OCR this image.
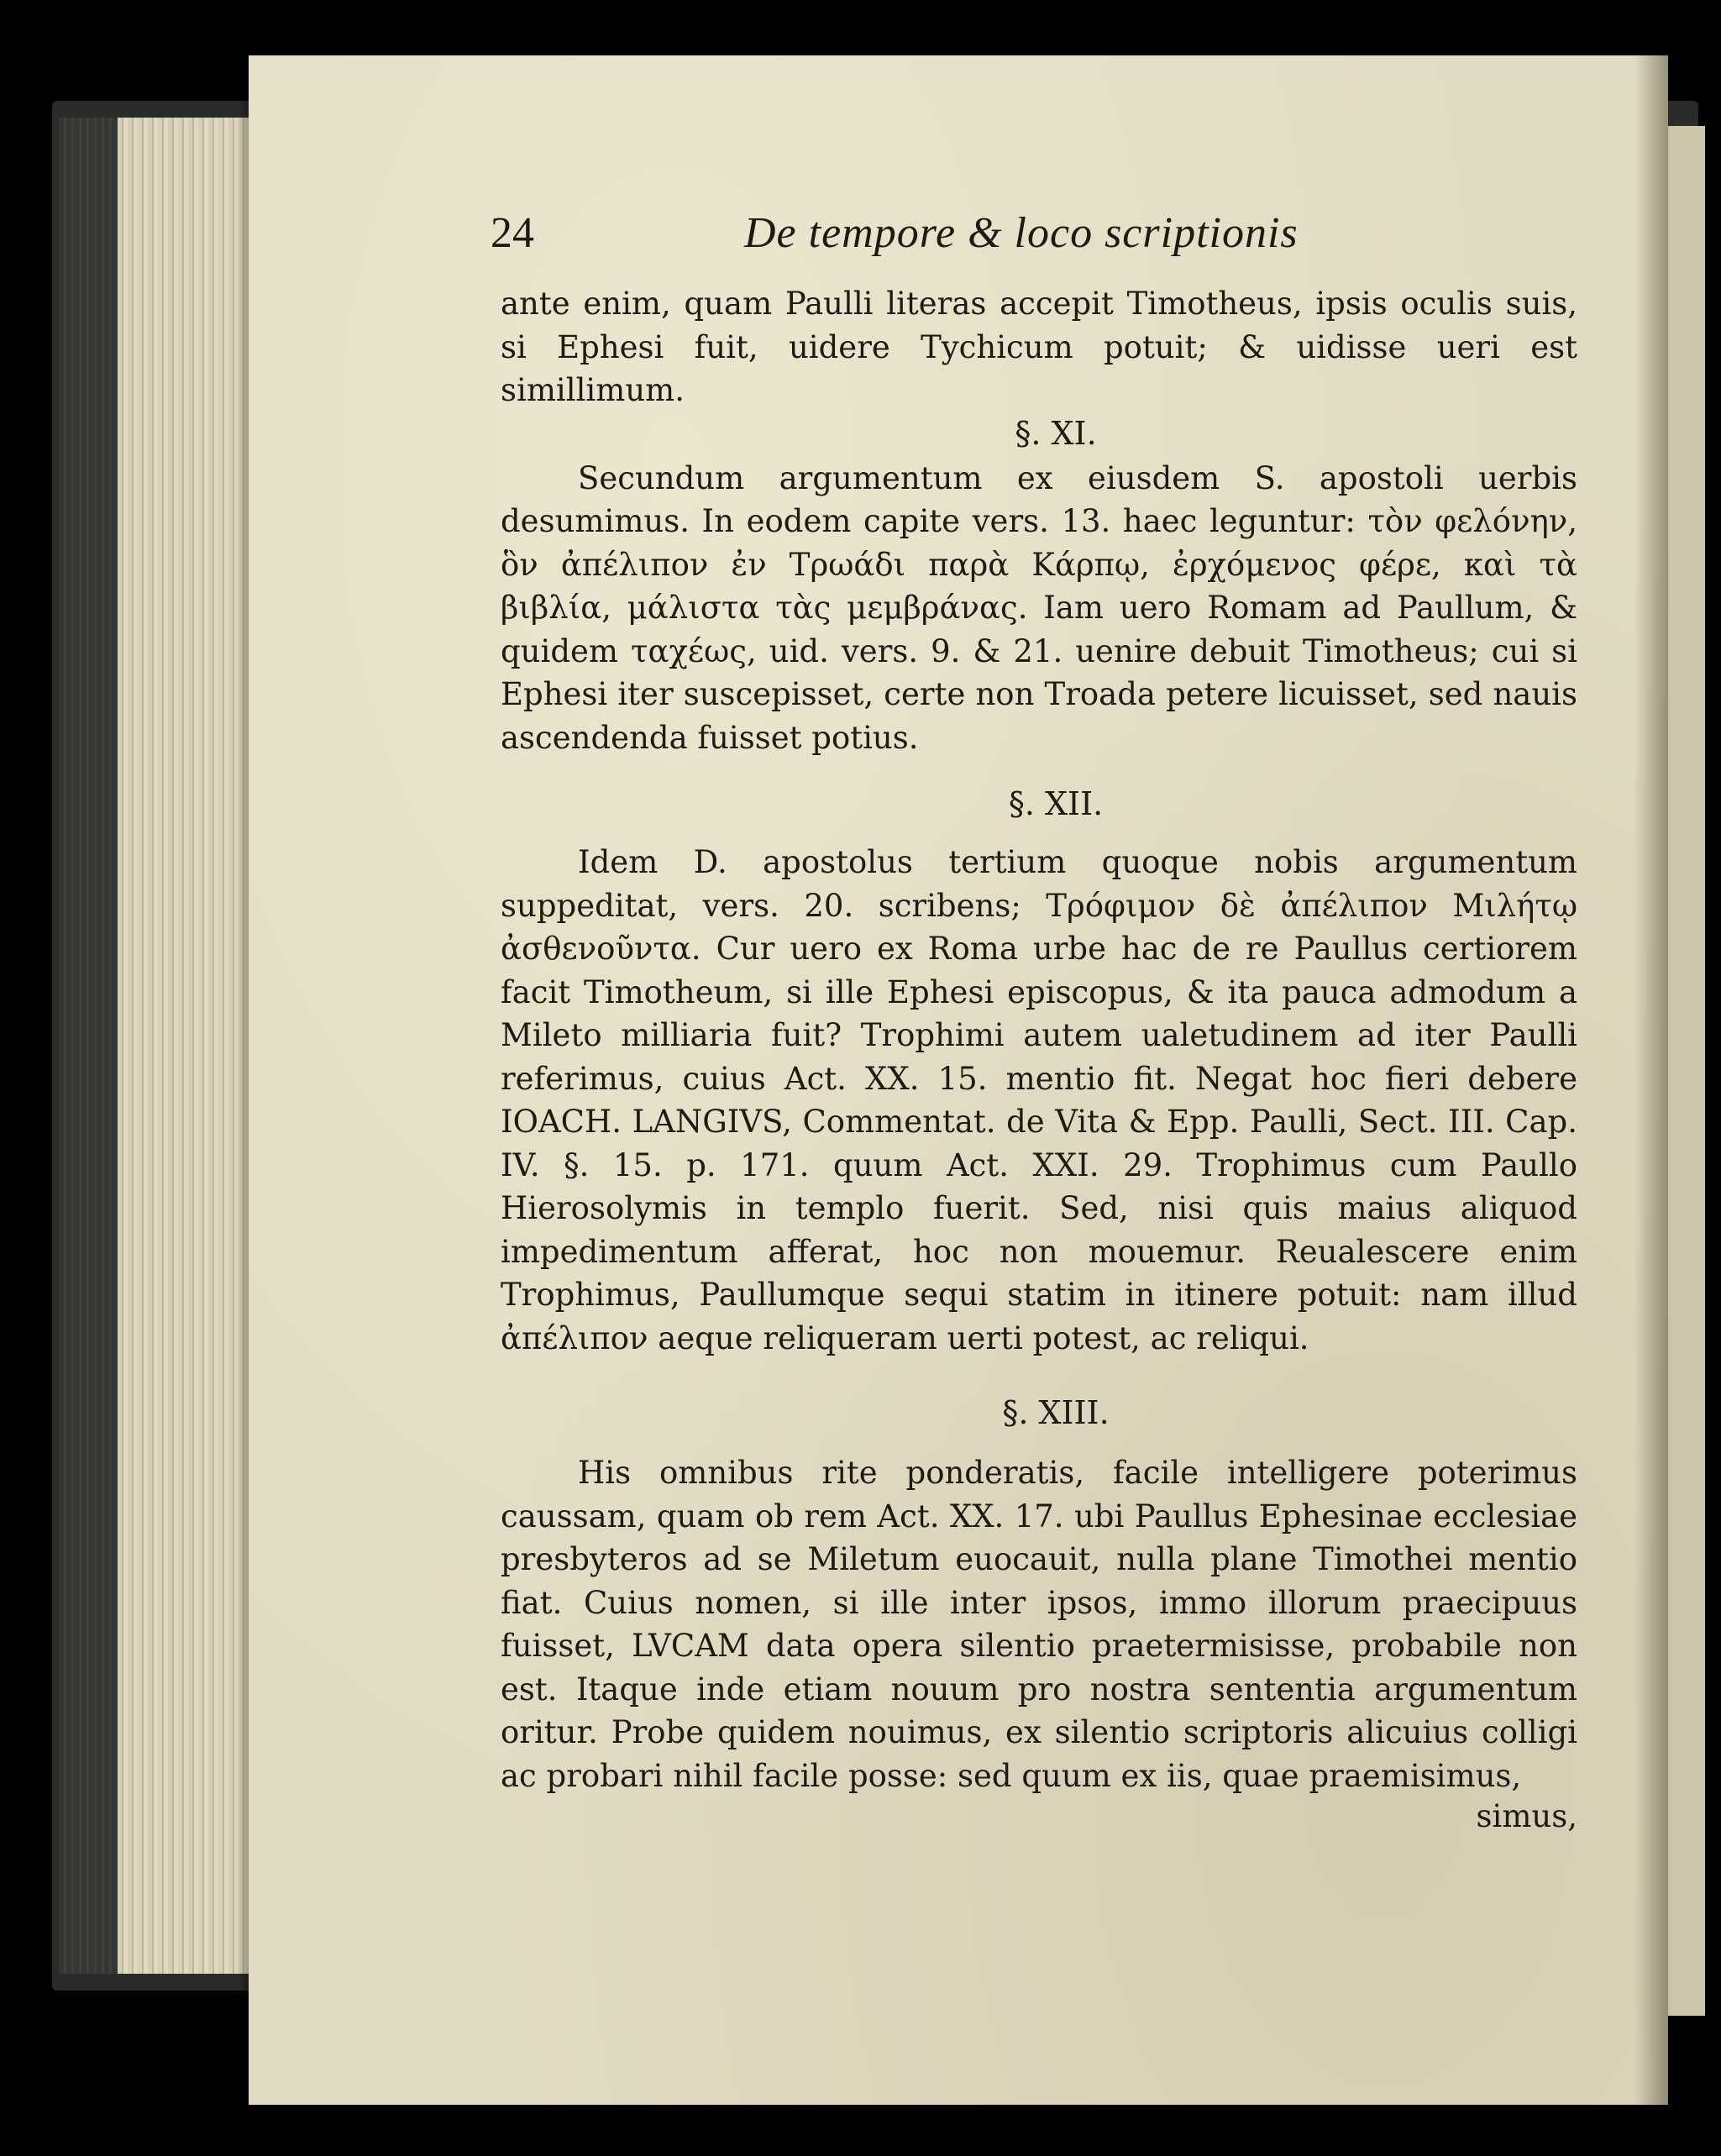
24	De tempore & loco scriptionis

ante enim, quam Paulli literas accepit Timotheus, ipsis oculis suis, si Ephesi fuit, uidere Tychicum potuit; & uidisse ueri est simillimum.

§. XI.

Secundum argumentum ex eiusdem S. apostoli uerbis desumimus. In eodem capite vers. 13. haec leguntur: τὸν φελόνην, ὃν ἀπέλιπον ἐν Τρωάδι παρὰ Κάρπῳ, ἐρχόμενος φέρε, καὶ τὰ βιβλία, μάλιστα τὰς μεμβράνας. Iam uero Romam ad Paullum, & quidem ταχέως, uid. vers. 9. & 21. uenire debuit Timotheus; cui si Ephesi iter suscepisset, certe non Troada petere licuisset, sed nauis ascendenda fuisset potius.

§. XII.

Idem D. apostolus tertium quoque nobis argumentum suppeditat, vers. 20. scribens; Τρόφιμον δὲ ἀπέλιπον Μιλήτῳ ἀσθενοῦντα. Cur uero ex Roma urbe hac de re Paullus certiorem facit Timotheum, si ille Ephesi episcopus, & ita pauca admodum a Mileto milliaria fuit? Trophimi autem ualetudinem ad iter Paulli referimus, cuius Act. XX. 15. mentio fit. Negat hoc fieri debere IOACH. LANGIVS, Commentat. de Vita & Epp. Paulli, Sect. III. Cap. IV. §. 15. p. 171. quum Act. XXI. 29. Trophimus cum Paullo Hierosolymis in templo fuerit. Sed, nisi quis maius aliquod impedimentum afferat, hoc non mouemur. Reualescere enim Trophimus, Paullumque sequi statim in itinere potuit: nam illud ἀπέλιπον aeque reliqueram uerti potest, ac reliqui.

§. XIII.

His omnibus rite ponderatis, facile intelligere poterimus caussam, quam ob rem Act. XX. 17. ubi Paullus Ephesinae ecclesiae presbyteros ad se Miletum euocauit, nulla plane Timothei mentio fiat. Cuius nomen, si ille inter ipsos, immo illorum praecipuus fuisset, LVCAM data opera silentio praetermisisse, probabile non est. Itaque inde etiam nouum pro nostra sententia argumentum oritur. Probe quidem nouimus, ex silentio scriptoris alicuius colligi ac probari nihil facile posse: sed quum ex iis, quae praemisimus,

simus,
